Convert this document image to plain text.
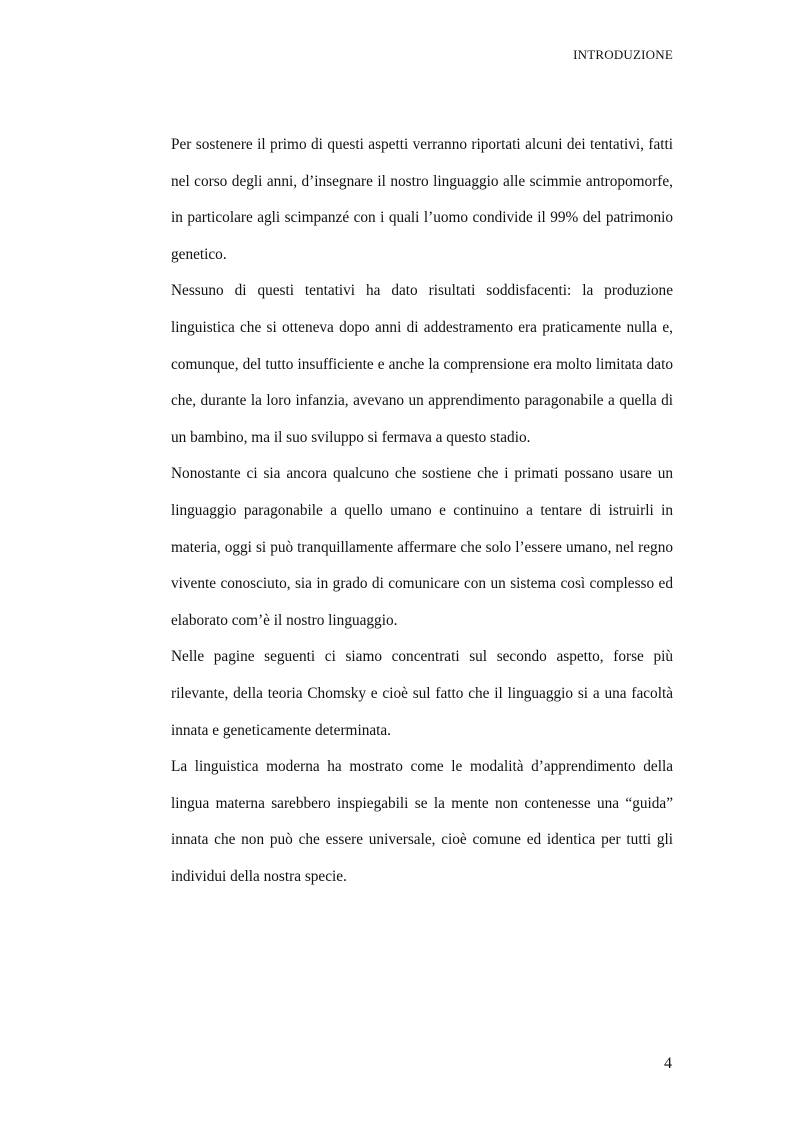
INTRODUZIONE

Per sostenere il primo di questi aspetti verranno riportati alcuni dei tentativi, fatti nel corso degli anni, d’insegnare il nostro linguaggio alle scimmie antropomorfe, in particolare agli scimpanzé con i quali l’uomo condivide il 99% del patrimonio genetico.

Nessuno di questi tentativi ha dato risultati soddisfacenti: la produzione linguistica che si otteneva dopo anni di addestramento era praticamente nulla e, comunque, del tutto insufficiente e anche la comprensione era molto limitata dato che, durante la loro infanzia, avevano un apprendimento paragonabile a quella di un bambino, ma il suo sviluppo si fermava a questo stadio.

Nonostante ci sia ancora qualcuno che sostiene che i primati possano usare un linguaggio paragonabile a quello umano e continuino a tentare di istruirli in materia, oggi si può tranquillamente affermare che solo l’essere umano, nel regno vivente conosciuto, sia in grado di comunicare con un sistema così complesso ed elaborato com’è il nostro linguaggio.

Nelle pagine seguenti ci siamo concentrati sul secondo aspetto, forse più rilevante, della teoria Chomsky e cioè sul fatto che il linguaggio si a una facoltà innata e geneticamente determinata.

La linguistica moderna ha mostrato come le modalità d’apprendimento della lingua materna sarebbero inspiegabili se la mente non contenesse una “guida” innata che non può che essere universale, cioè comune ed identica per tutti gli individui della nostra specie.

4
